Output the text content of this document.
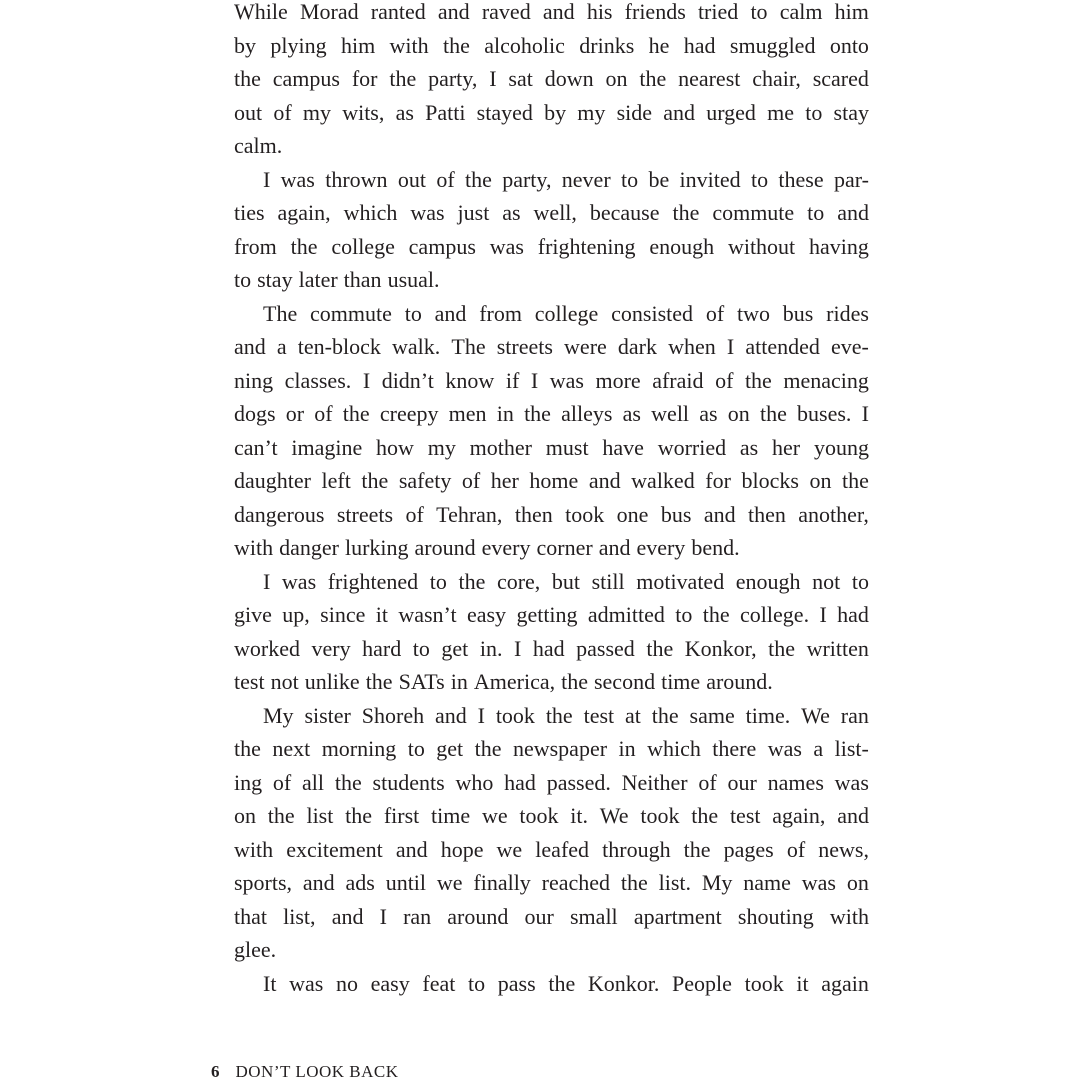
While Morad ranted and raved and his friends tried to calm him
by plying him with the alcoholic drinks he had smuggled onto
the campus for the party, I sat down on the nearest chair, scared
out of my wits, as Patti stayed by my side and urged me to stay
calm.
I was thrown out of the party, never to be invited to these par-
ties again, which was just as well, because the commute to and
from the college campus was frightening enough without having
to stay later than usual.
The commute to and from college consisted of two bus rides
and a ten-block walk. The streets were dark when I attended eve-
ning classes. I didn’t know if I was more afraid of the menacing
dogs or of the creepy men in the alleys as well as on the buses. I
can’t imagine how my mother must have worried as her young
daughter left the safety of her home and walked for blocks on the
dangerous streets of Tehran, then took one bus and then another,
with danger lurking around every corner and every bend.
I was frightened to the core, but still motivated enough not to
give up, since it wasn’t easy getting admitted to the college. I had
worked very hard to get in. I had passed the Konkor, the written
test not unlike the SATs in America, the second time around.
My sister Shoreh and I took the test at the same time. We ran
the next morning to get the newspaper in which there was a list-
ing of all the students who had passed. Neither of our names was
on the list the first time we took it. We took the test again, and
with excitement and hope we leafed through the pages of news,
sports, and ads until we finally reached the list. My name was on
that list, and I ran around our small apartment shouting with
glee.
It was no easy feat to pass the Konkor. People took it again
6 DON’T LOOK BACK
